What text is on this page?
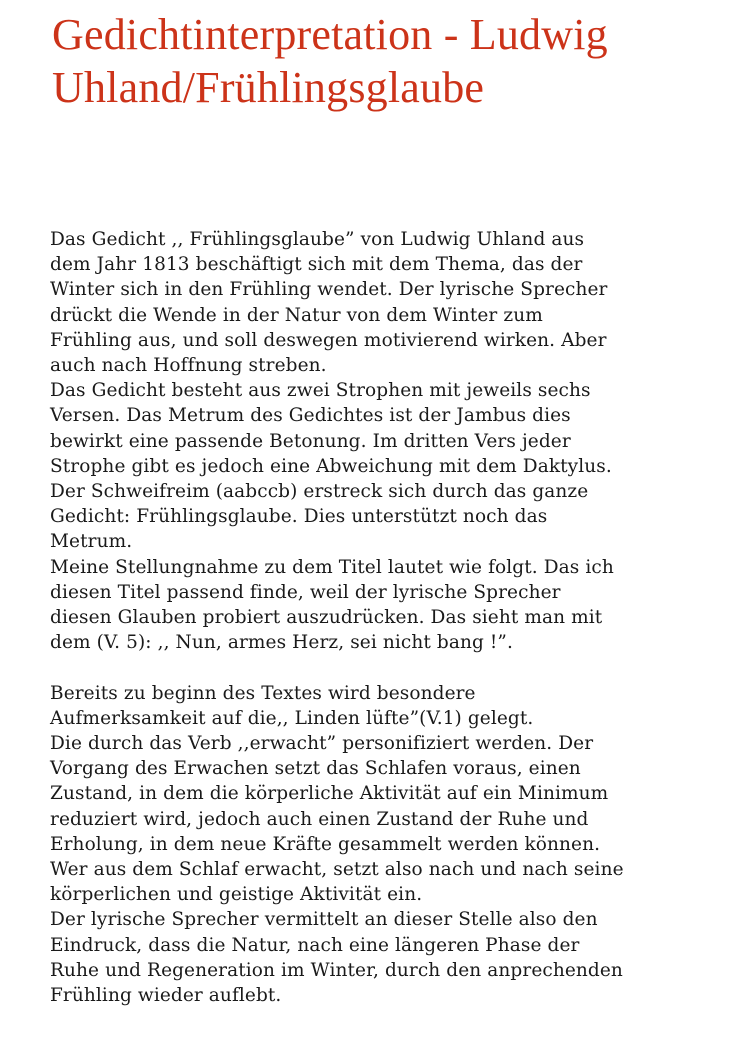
Gedichtinterpretation - Ludwig
Uhland/Frühlingsglaube

Das Gedicht ,, Frühlingsglaube” von Ludwig Uhland aus
dem Jahr 1813 beschäftigt sich mit dem Thema, das der
Winter sich in den Frühling wendet. Der lyrische Sprecher
drückt die Wende in der Natur von dem Winter zum
Frühling aus, und soll deswegen motivierend wirken. Aber
auch nach Hoffnung streben.

Das Gedicht besteht aus zwei Strophen mit jeweils sechs
Versen. Das Metrum des Gedichtes ist der Jambus dies
bewirkt eine passende Betonung. Im dritten Vers jeder
Strophe gibt es jedoch eine Abweichung mit dem Daktylus.
Der Schweifreim (aabccb) erstreck sich durch das ganze
Gedicht: Frühlingsglaube. Dies unterstützt noch das
Metrum.

Meine Stellungnahme zu dem Titel lautet wie folgt. Das ich
diesen Titel passend finde, weil der lyrische Sprecher
diesen Glauben probiert auszudrücken. Das sieht man mit
dem (V. 5): ,, Nun, armes Herz, sei nicht bang !”.

Bereits zu beginn des Textes wird besondere
Aufmerksamkeit auf die,, Linden lüfte”(V.1) gelegt.

Die durch das Verb ,,erwacht” personifiziert werden. Der
Vorgang des Erwachen setzt das Schlafen voraus, einen
Zustand, in dem die körperliche Aktivität auf ein Minimum
reduziert wird, jedoch auch einen Zustand der Ruhe und
Erholung, in dem neue Kräfte gesammelt werden können.
Wer aus dem Schlaf erwacht, setzt also nach und nach seine
körperlichen und geistige Aktivität ein.

Der lyrische Sprecher vermittelt an dieser Stelle also den
Eindruck, dass die Natur, nach eine längeren Phase der
Ruhe und Regeneration im Winter, durch den anprechenden
Frühling wieder auflebt.
